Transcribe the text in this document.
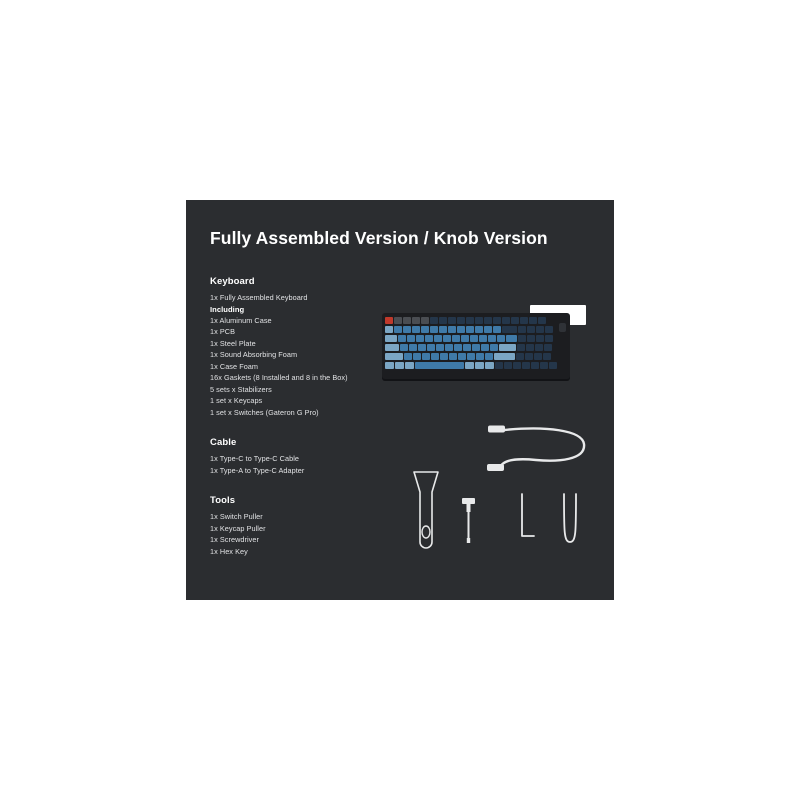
Fully Assembled Version / Knob Version
Keyboard
1x Fully Assembled Keyboard
Including
1x Aluminum Case
1x PCB
1x Steel Plate
1x Sound Absorbing Foam
1x Case Foam
16x Gaskets (8 Installed and 8 in the Box)
5 sets x Stabilizers
1 set x Keycaps
1 set x Switches (Gateron G Pro)
Cable
1x Type-C to Type-C Cable
1x Type-A to Type-C Adapter
Tools
1x Switch Puller
1x Keycap Puller
1x Screwdriver
1x Hex Key
